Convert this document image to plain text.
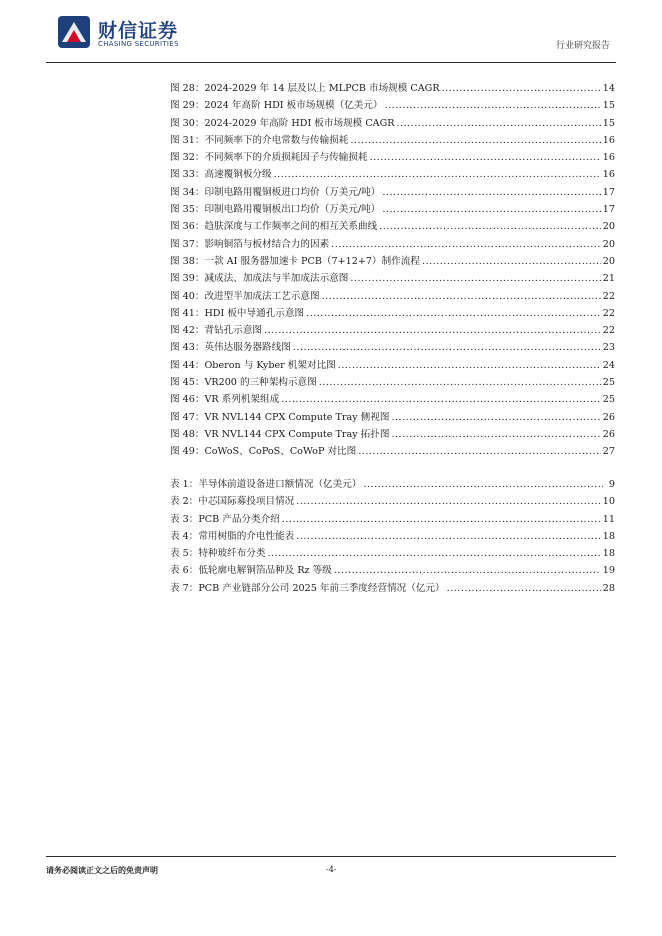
财信证券
CHASING SECURITIES	行业研究报告
图 28：2024-2029 年 14 层及以上 MLPCB 市场规模 CAGR .....	14
图 29：2024 年高阶 HDI 板市场规模（亿美元） .....	15
图 30：2024-2029 年高阶 HDI 板市场规模 CAGR .....	15
图 31：不同频率下的介电常数与传输损耗 .....	16
图 32：不同频率下的介质损耗因子与传输损耗 .....	16
图 33：高速覆铜板分级 .....	16
图 34：印制电路用覆铜板进口均价（万美元/吨） .....	17
图 35：印制电路用覆铜板出口均价（万美元/吨） .....	17
图 36：趋肤深度与工作频率之间的相互关系曲线 .....	20
图 37：影响铜箔与板材结合力的因素 .....	20
图 38：一款 AI 服务器加速卡 PCB（7+12+7）制作流程 .....	20
图 39：减成法、加成法与半加成法示意图 .....	21
图 40：改进型半加成法工艺示意图 .....	22
图 41：HDI 板中导通孔示意图 .....	22
图 42：背钻孔示意图 .....	22
图 43：英伟达服务器路线图 .....	23
图 44：Oberon 与 Kyber 机架对比图 .....	24
图 45：VR200 的三种架构示意图 .....	25
图 46：VR 系列机架组成 .....	25
图 47：VR NVL144 CPX Compute Tray 侧视图 .....	26
图 48：VR NVL144 CPX Compute Tray 拓扑图 .....	26
图 49：CoWoS、CoPoS、CoWoP 对比图 .....	27
表 1：半导体前道设备进口额情况（亿美元） .....	9
表 2：中芯国际募投项目情况 .....	10
表 3：PCB 产品分类介绍 .....	11
表 4：常用树脂的介电性能表 .....	18
表 5：特种玻纤布分类 .....	18
表 6：低轮廓电解铜箔品种及 Rz 等级 .....	19
表 7：PCB 产业链部分公司 2025 年前三季度经营情况（亿元） .....	28
请务必阅读正文之后的免责声明	-4-
